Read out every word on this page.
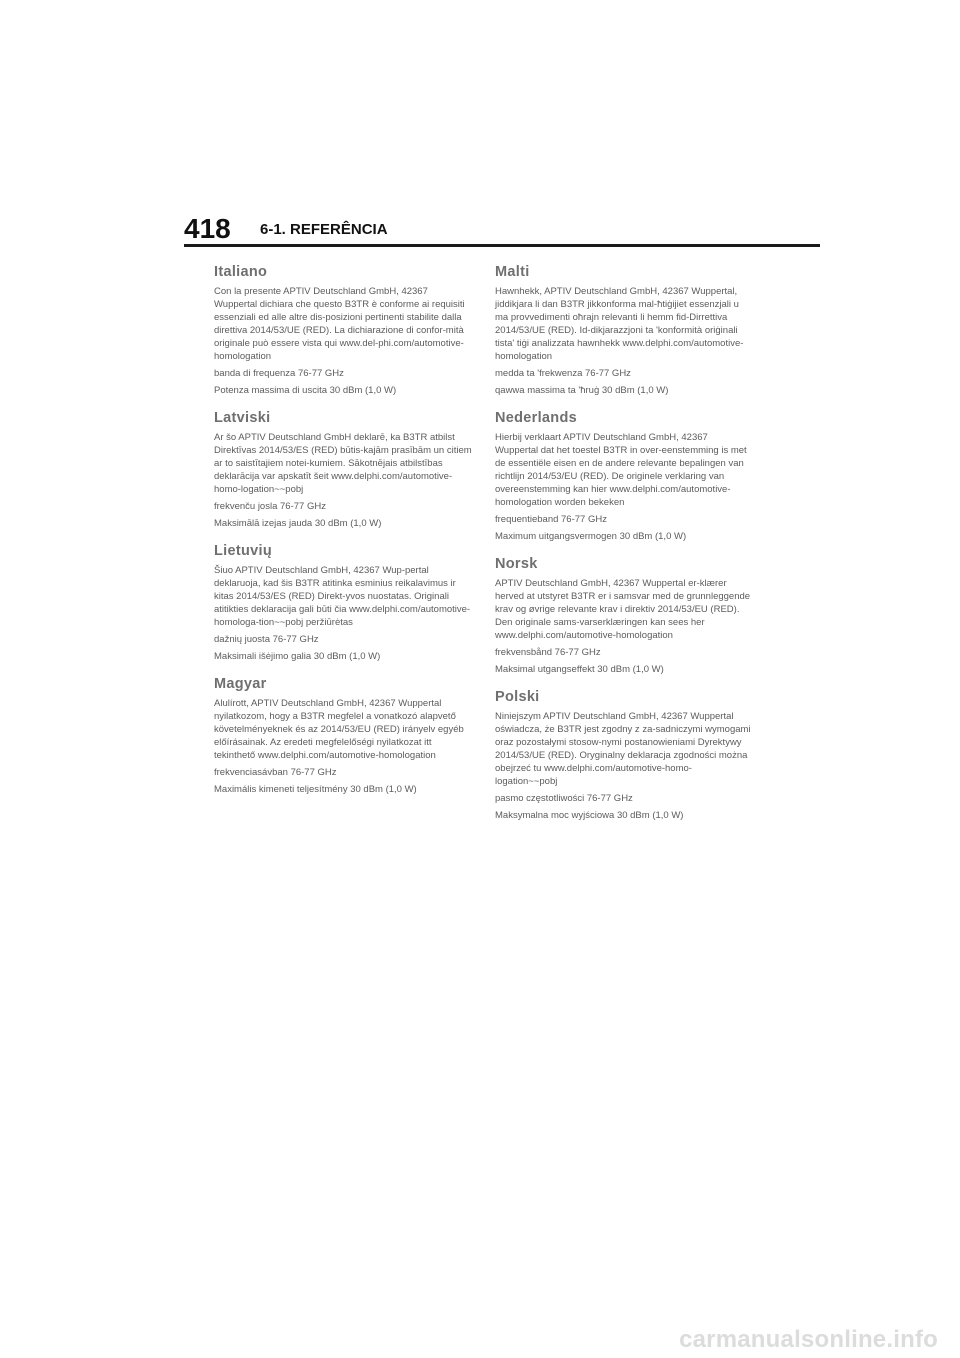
418 6-1. REFERÊNCIA
Italiano

Con la presente APTIV Deutschland GmbH, 42367 Wuppertal dichiara che questo B3TR è conforme ai requisiti essenziali ed alle altre dis-posizioni pertinenti stabilite dalla direttiva 2014/53/UE (RED). La dichiarazione di confor-mità originale può essere vista qui www.del-phi.com/automotive-homologation

banda di frequenza 76-77 GHz

Potenza massima di uscita 30 dBm (1,0 W)

Latviski

Ar šo APTIV Deutschland GmbH deklarē, ka B3TR atbilst Direktīvas 2014/53/ES (RED) būtis-kajām prasībām un citiem ar to saistītajiem notei-kumiem. Sākotnējais atbilstības deklarācija var apskatīt šeit www.delphi.com/automotive-homo-logation~~pobj

frekvenču josla 76-77 GHz

Maksimālā izejas jauda 30 dBm (1,0 W)

Lietuvių

Šiuo APTIV Deutschland GmbH, 42367 Wup-pertal deklaruoja, kad šis B3TR atitinka esminius reikalavimus ir kitas 2014/53/ES (RED) Direkt-yvos nuostatas. Originali atitikties deklaracija gali būti čia www.delphi.com/automotive-homologa-tion~~pobj peržiūrėtas

dažnių juosta 76-77 GHz

Maksimali išėjimo galia 30 dBm (1,0 W)

Magyar

Alulírott, APTIV Deutschland GmbH, 42367 Wuppertal nyilatkozom, hogy a B3TR megfelel a vonatkozó alapvető követelményeknek és az 2014/53/EU (RED) irányelv egyéb előírásainak. Az eredeti megfelelőségi nyilatkozat itt tekinthető www.delphi.com/automotive-homologation

frekvenciasávban 76-77 GHz

Maximális kimeneti teljesítmény 30 dBm (1,0 W)

Malti

Hawnhekk, APTIV Deutschland GmbH, 42367 Wuppertal, jiddikjara li dan B3TR jikkonforma mal-ħtiġijiet essenzjali u ma provvedimenti oħrajn relevanti li hemm fid-Dirrettiva 2014/53/UE (RED). Id-dikjarazzjoni ta 'konformità oriġinali tista' tiġi analizzata hawnhekk www.delphi.com/automotive-homologation

medda ta 'frekwenza 76-77 GHz

qawwa massima ta 'ħruġ 30 dBm (1,0 W)

Nederlands

Hierbij verklaart APTIV Deutschland GmbH, 42367 Wuppertal dat het toestel B3TR in over-eenstemming is met de essentiële eisen en de andere relevante bepalingen van richtlijn 2014/53/EU (RED). De originele verklaring van overeenstemming kan hier www.delphi.com/automotive-homologation worden bekeken

frequentieband 76-77 GHz

Maximum uitgangsvermogen 30 dBm (1,0 W)

Norsk

APTIV Deutschland GmbH, 42367 Wuppertal er-klærer herved at utstyret B3TR er i samsvar med de grunnleggende krav og øvrige relevante krav i direktiv 2014/53/EU (RED). Den originale sams-varserklæringen kan sees her www.delphi.com/automotive-homologation

frekvensbånd 76-77 GHz

Maksimal utgangseffekt 30 dBm (1,0 W)

Polski

Niniejszym APTIV Deutschland GmbH, 42367 Wuppertal oświadcza, że B3TR jest zgodny z za-sadniczymi wymogami oraz pozostałymi stosow-nymi postanowieniami Dyrektywy 2014/53/UE (RED). Oryginalny deklaracja zgodności można obejrzeć tu www.delphi.com/automotive-homo-logation~~pobj

pasmo częstotliwości 76-77 GHz

Maksymalna moc wyjściowa 30 dBm (1,0 W)

carmanualsonline.info
